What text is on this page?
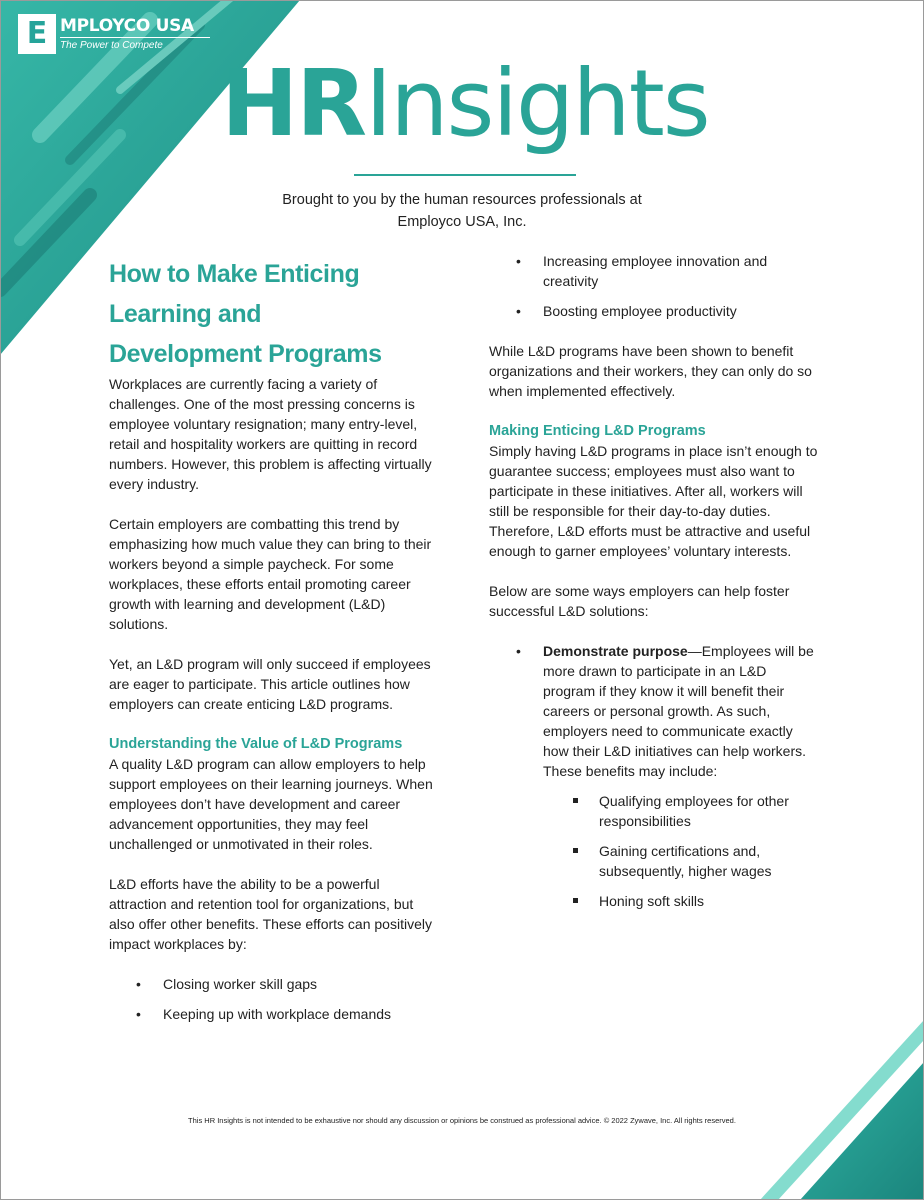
E MPLOYCO USA
The Power to Compete
HRInsights
Brought to you by the human resources professionals at
Employco USA, Inc.
How to Make Enticing
Learning and
Development Programs

Workplaces are currently facing a variety of challenges. One of the most pressing concerns is employee voluntary resignation; many entry-level, retail and hospitality workers are quitting in record numbers. However, this problem is affecting virtually every industry.

Certain employers are combatting this trend by emphasizing how much value they can bring to their workers beyond a simple paycheck. For some workplaces, these efforts entail promoting career growth with learning and development (L&D) solutions.

Yet, an L&D program will only succeed if employees are eager to participate. This article outlines how employers can create enticing L&D programs.

Understanding the Value of L&D Programs

A quality L&D program can allow employers to help support employees on their learning journeys. When employees don’t have development and career advancement opportunities, they may feel unchallenged or unmotivated in their roles.

L&D efforts have the ability to be a powerful attraction and retention tool for organizations, but also offer other benefits. These efforts can positively impact workplaces by:

• Closing worker skill gaps
• Keeping up with workplace demands
• Increasing employee innovation and creativity
• Boosting employee productivity

While L&D programs have been shown to benefit organizations and their workers, they can only do so when implemented effectively.

Making Enticing L&D Programs

Simply having L&D programs in place isn’t enough to guarantee success; employees must also want to participate in these initiatives. After all, workers will still be responsible for their day-to-day duties. Therefore, L&D efforts must be attractive and useful enough to garner employees’ voluntary interests.

Below are some ways employers can help foster successful L&D solutions:

• Demonstrate purpose—Employees will be more drawn to participate in an L&D program if they know it will benefit their careers or personal growth. As such, employers need to communicate exactly how their L&D initiatives can help workers. These benefits may include:
Qualifying employees for other responsibilities
Gaining certifications and, subsequently, higher wages
Honing soft skills
This HR Insights is not intended to be exhaustive nor should any discussion or opinions be construed as professional advice. © 2022 Zywave, Inc. All rights reserved.
